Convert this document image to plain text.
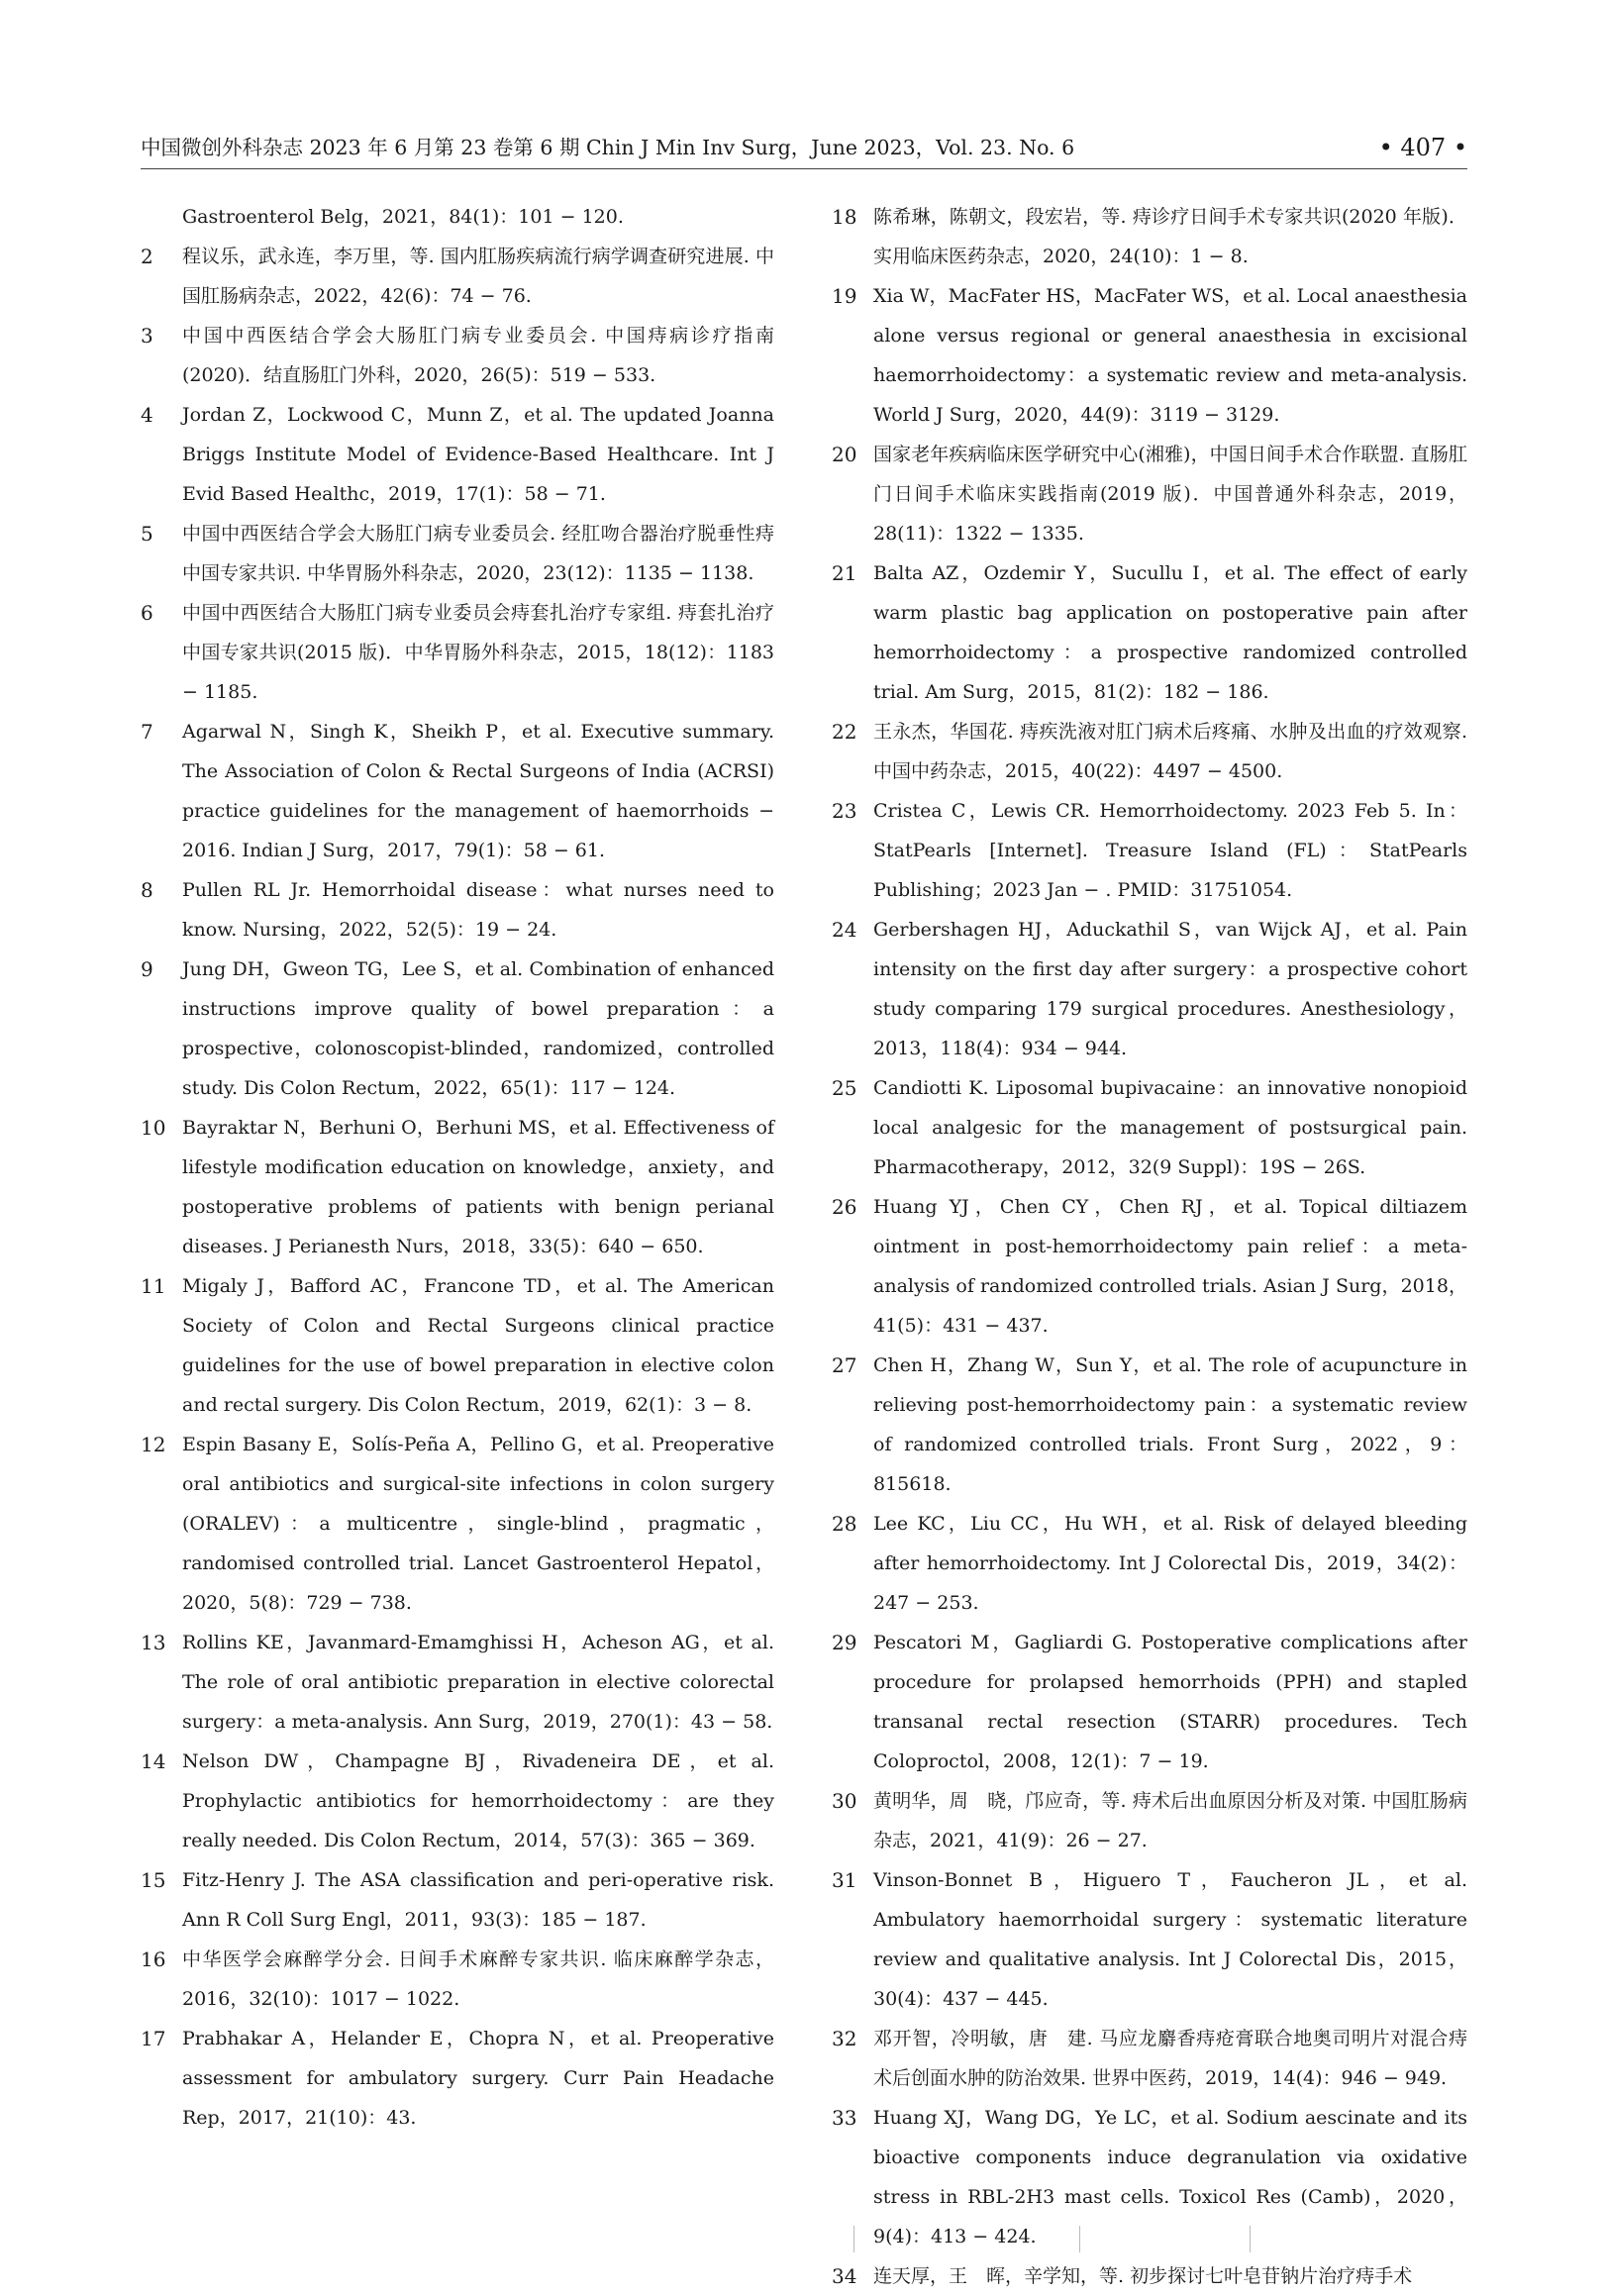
中国微创外科杂志 2023 年 6 月第 23 卷第 6 期 Chin J Min Inv Surg，June 2023，Vol. 23. No. 6	• 407 •
Gastroenterol Belg，2021，84(1)：101 − 120.
2	程议乐，武永连，李万里，等. 国内肛肠疾病流行病学调查研究进展. 中国肛肠病杂志，2022，42(6)：74 − 76.
3	中国中西医结合学会大肠肛门病专业委员会. 中国痔病诊疗指南(2020)．结直肠肛门外科，2020，26(5)：519 − 533.
4	Jordan Z，Lockwood C，Munn Z，et al. The updated Joanna Briggs Institute Model of Evidence-Based Healthcare. Int J Evid Based Healthc，2019，17(1)：58 − 71.
5	中国中西医结合学会大肠肛门病专业委员会. 经肛吻合器治疗脱垂性痔中国专家共识. 中华胃肠外科杂志，2020，23(12)：1135 − 1138.
6	中国中西医结合大肠肛门病专业委员会痔套扎治疗专家组. 痔套扎治疗中国专家共识(2015 版)．中华胃肠外科杂志，2015，18(12)：1183 − 1185.
7	Agarwal N，Singh K，Sheikh P，et al. Executive summary. The Association of Colon & Rectal Surgeons of India (ACRSI) practice guidelines for the management of haemorrhoids − 2016. Indian J Surg，2017，79(1)：58 − 61.
8	Pullen RL Jr. Hemorrhoidal disease：what nurses need to know. Nursing，2022，52(5)：19 − 24.
9	Jung DH，Gweon TG，Lee S，et al. Combination of enhanced instructions improve quality of bowel preparation：a prospective，colonoscopist-blinded，randomized，controlled study. Dis Colon Rectum，2022，65(1)：117 − 124.
10 Bayraktar N，Berhuni O，Berhuni MS，et al. Effectiveness of lifestyle modification education on knowledge，anxiety，and postoperative problems of patients with benign perianal diseases. J Perianesth Nurs，2018，33(5)：640 − 650.
11 Migaly J，Bafford AC，Francone TD，et al. The American Society of Colon and Rectal Surgeons clinical practice guidelines for the use of bowel preparation in elective colon and rectal surgery. Dis Colon Rectum，2019，62(1)：3 − 8.
12 Espin Basany E，Solís-Peña A，Pellino G，et al. Preoperative oral antibiotics and surgical-site infections in colon surgery (ORALEV)：a multicentre，single-blind，pragmatic，randomised controlled trial. Lancet Gastroenterol Hepatol，2020，5(8)：729 − 738.
13 Rollins KE，Javanmard-Emamghissi H，Acheson AG，et al. The role of oral antibiotic preparation in elective colorectal surgery：a meta-analysis. Ann Surg，2019，270(1)：43 − 58.
14 Nelson DW，Champagne BJ，Rivadeneira DE，et al. Prophylactic antibiotics for hemorrhoidectomy：are they really needed. Dis Colon Rectum，2014，57(3)：365 − 369.
15 Fitz-Henry J. The ASA classification and peri-operative risk. Ann R Coll Surg Engl，2011，93(3)：185 − 187.
16 中华医学会麻醉学分会. 日间手术麻醉专家共识. 临床麻醉学杂志，2016，32(10)：1017 − 1022.
17 Prabhakar A，Helander E，Chopra N，et al. Preoperative assessment for ambulatory surgery. Curr Pain Headache Rep，2017，21(10)：43.
18 陈希琳，陈朝文，段宏岩，等. 痔诊疗日间手术专家共识(2020 年版)．实用临床医药杂志，2020，24(10)：1 − 8.
19 Xia W，MacFater HS，MacFater WS，et al. Local anaesthesia alone versus regional or general anaesthesia in excisional haemorrhoidectomy：a systematic review and meta-analysis. World J Surg，2020，44(9)：3119 − 3129.
20 国家老年疾病临床医学研究中心(湘雅)，中国日间手术合作联盟. 直肠肛门日间手术临床实践指南(2019 版)．中国普通外科杂志，2019，28(11)：1322 − 1335.
21 Balta AZ，Ozdemir Y，Sucullu I，et al. The effect of early warm plastic bag application on postoperative pain after hemorrhoidectomy：a prospective randomized controlled trial. Am Surg，2015，81(2)：182 − 186.
22 王永杰，华国花. 痔疾洗液对肛门病术后疼痛、水肿及出血的疗效观察. 中国中药杂志，2015，40(22)：4497 − 4500.
23 Cristea C，Lewis CR. Hemorrhoidectomy. 2023 Feb 5. In：StatPearls [Internet]. Treasure Island (FL)：StatPearls Publishing；2023 Jan − . PMID：31751054.
24 Gerbershagen HJ，Aduckathil S，van Wijck AJ，et al. Pain intensity on the first day after surgery：a prospective cohort study comparing 179 surgical procedures. Anesthesiology，2013，118(4)：934 − 944.
25 Candiotti K. Liposomal bupivacaine：an innovative nonopioid local analgesic for the management of postsurgical pain. Pharmacotherapy，2012，32(9 Suppl)：19S − 26S.
26 Huang YJ，Chen CY，Chen RJ，et al. Topical diltiazem ointment in post-hemorrhoidectomy pain relief：a meta-analysis of randomized controlled trials. Asian J Surg，2018，41(5)：431 − 437.
27 Chen H，Zhang W，Sun Y，et al. The role of acupuncture in relieving post-hemorrhoidectomy pain：a systematic review of randomized controlled trials. Front Surg，2022，9：815618.
28 Lee KC，Liu CC，Hu WH，et al. Risk of delayed bleeding after hemorrhoidectomy. Int J Colorectal Dis，2019，34(2)：247 − 253.
29 Pescatori M，Gagliardi G. Postoperative complications after procedure for prolapsed hemorrhoids (PPH) and stapled transanal rectal resection (STARR) procedures. Tech Coloproctol，2008，12(1)：7 − 19.
30 黄明华，周　晓，邝应奇，等. 痔术后出血原因分析及对策. 中国肛肠病杂志，2021，41(9)：26 − 27.
31 Vinson-Bonnet B，Higuero T，Faucheron JL，et al. Ambulatory haemorrhoidal surgery：systematic literature review and qualitative analysis. Int J Colorectal Dis，2015，30(4)：437 − 445.
32 邓开智，冷明敏，唐　建. 马应龙麝香痔疮膏联合地奥司明片对混合痔术后创面水肿的防治效果. 世界中医药，2019，14(4)：946 − 949.
33 Huang XJ，Wang DG，Ye LC，et al. Sodium aescinate and its bioactive components induce degranulation via oxidative stress in RBL-2H3 mast cells. Toxicol Res (Camb)，2020，9(4)：413 − 424.
34 连天厚，王　晖，辛学知，等. 初步探讨七叶皂苷钠片治疗痔手术
